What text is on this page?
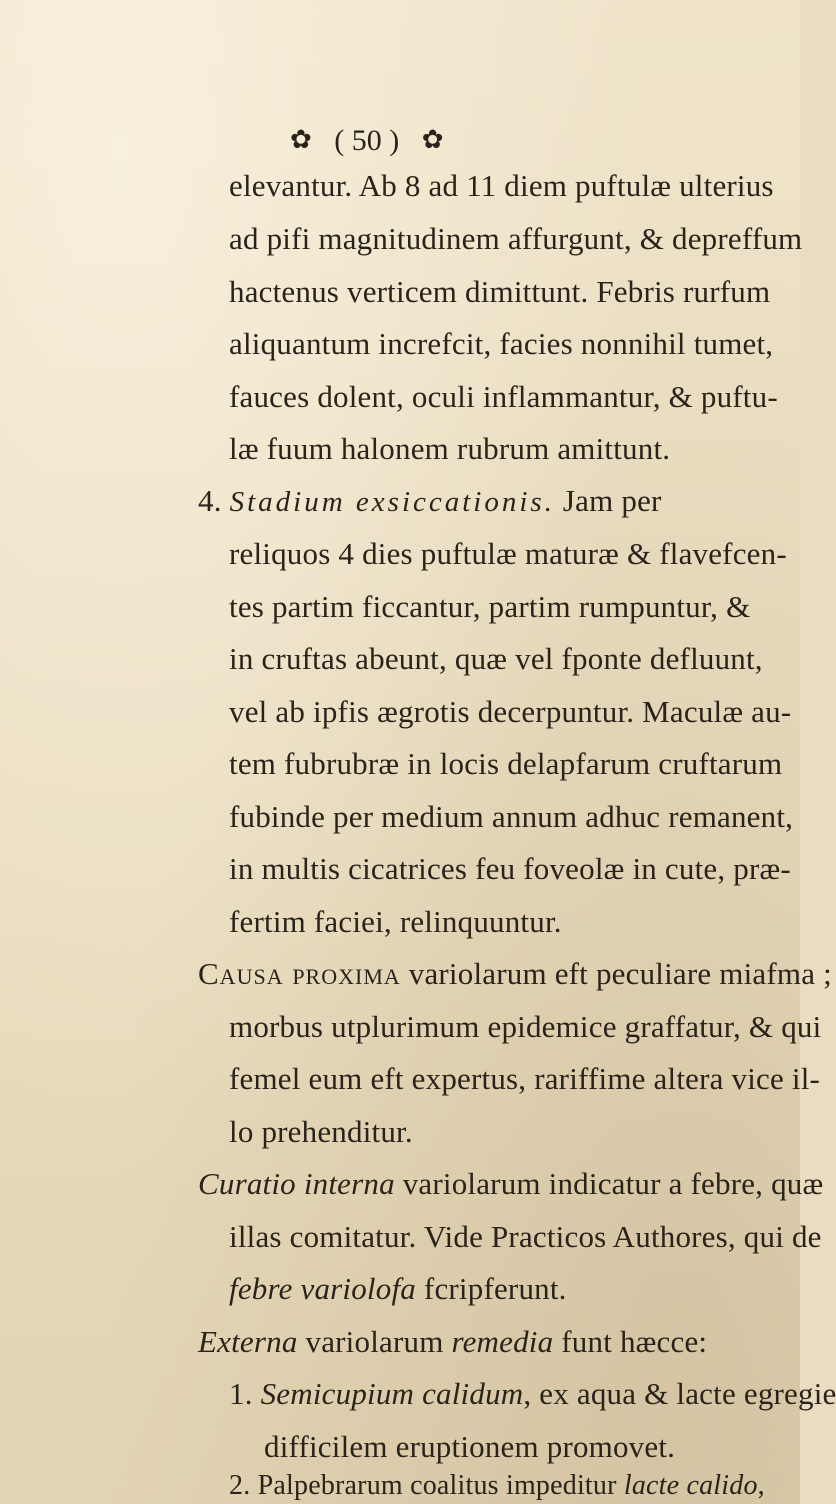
✿ ( 50 ) ✿
elevantur. Ab 8 ad 11 diem puftulæ ulterius
ad pifi magnitudinem affurgunt, & depreffum
hactenus verticem dimittunt. Febris rurfum
aliquantum increfcit, facies nonnihil tumet,
fauces dolent, oculi inflammantur, & puftu-
læ fuum halonem rubrum amittunt.
4. Stadium exsiccationis. Jam per
reliquos 4 dies puftulæ maturæ & flavefcen-
tes partim ficcantur, partim rumpuntur, &
in cruftas abeunt, quæ vel fponte defluunt,
vel ab ipfis ægrotis decerpuntur. Maculæ au-
tem fubrubræ in locis delapfarum cruftarum
fubinde per medium annum adhuc remanent,
in multis cicatrices feu foveolæ in cute, præ-
fertim faciei, relinquuntur.
Causa proxima variolarum eft peculiare miafma ;
morbus utplurimum epidemice graffatur, & qui
femel eum eft expertus, rariffime altera vice il-
lo prehenditur.
Curatio interna variolarum indicatur a febre, quæ
illas comitatur. Vide Practicos Authores, qui de
febre variolofa fcripferunt.
Externa variolarum remedia funt hæcce:
1. Semicupium calidum, ex aqua & lacte egregie
difficilem eruptionem promovet.
2. Palpebrarum coalitus impeditur lacte calido,
